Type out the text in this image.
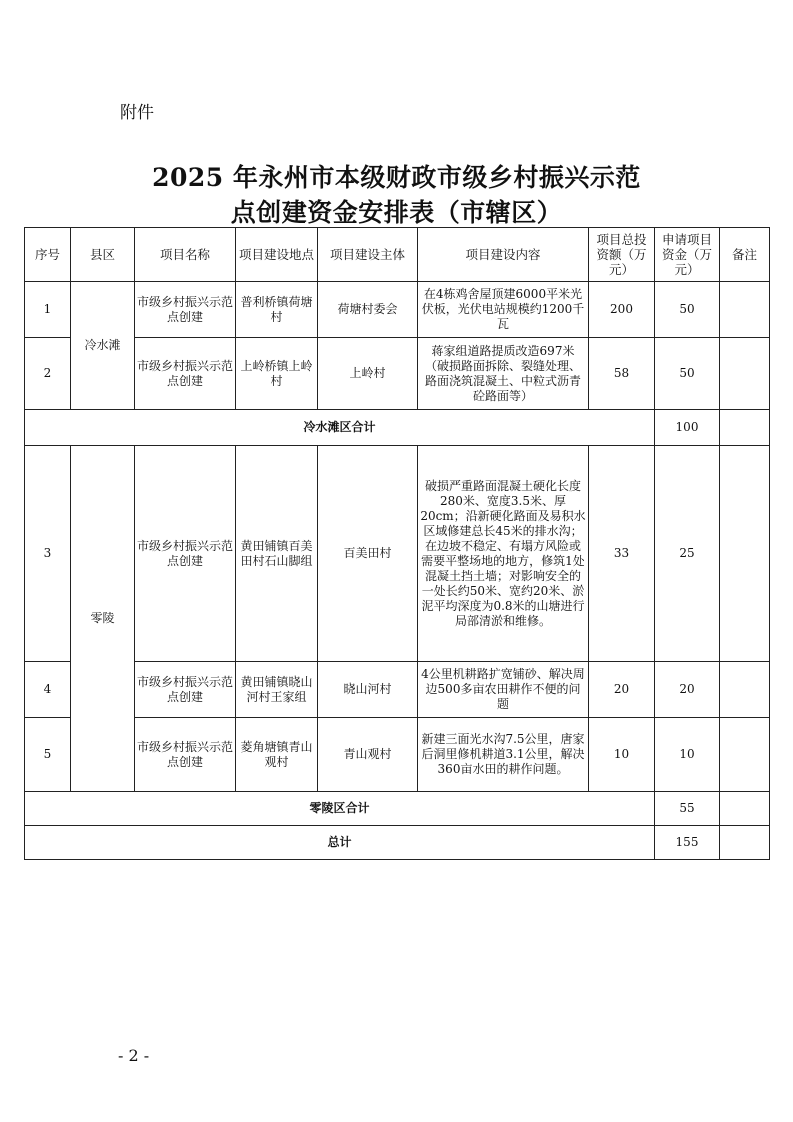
附件
2025 年永州市本级财政市级乡村振兴示范
点创建资金安排表（市辖区）
序号	县区	项目名称	项目建设地点	项目建设主体	项目建设内容	项目总投资额（万元）	申请项目资金（万元）	备注
1	冷水滩	市级乡村振兴示范点创建	普利桥镇荷塘村	荷塘村委会	在4栋鸡舍屋顶建6000平米光伏板，光伏电站规模约1200千瓦	200	50	
2		市级乡村振兴示范点创建	上岭桥镇上岭村	上岭村	蒋家组道路提质改造697米（破损路面拆除、裂缝处理、路面浇筑混凝土、中粒式沥青砼路面等）	58	50	
冷水滩区合计							100	
3	零陵	市级乡村振兴示范点创建	黄田铺镇百美田村石山脚组	百美田村	破损严重路面混凝土硬化长度280米、宽度3.5米、厚20cm；沿新硬化路面及易积水区域修建总长45米的排水沟；在边坡不稳定、有塌方风险或需要平整场地的地方，修筑1处混凝土挡土墙；对影响安全的一处长约50米、宽约20米、淤泥平均深度为0.8米的山塘进行局部清淤和维修。	33	25	
4		市级乡村振兴示范点创建	黄田铺镇晓山河村王家组	晓山河村	4公里机耕路扩宽铺砂、解决周边500多亩农田耕作不便的问题	20	20	
5		市级乡村振兴示范点创建	菱角塘镇青山观村	青山观村	新建三面光水沟7.5公里，唐家后洞里修机耕道3.1公里，解决360亩水田的耕作问题。	10	10	
零陵区合计							55	
总计							155	
- 2 -
